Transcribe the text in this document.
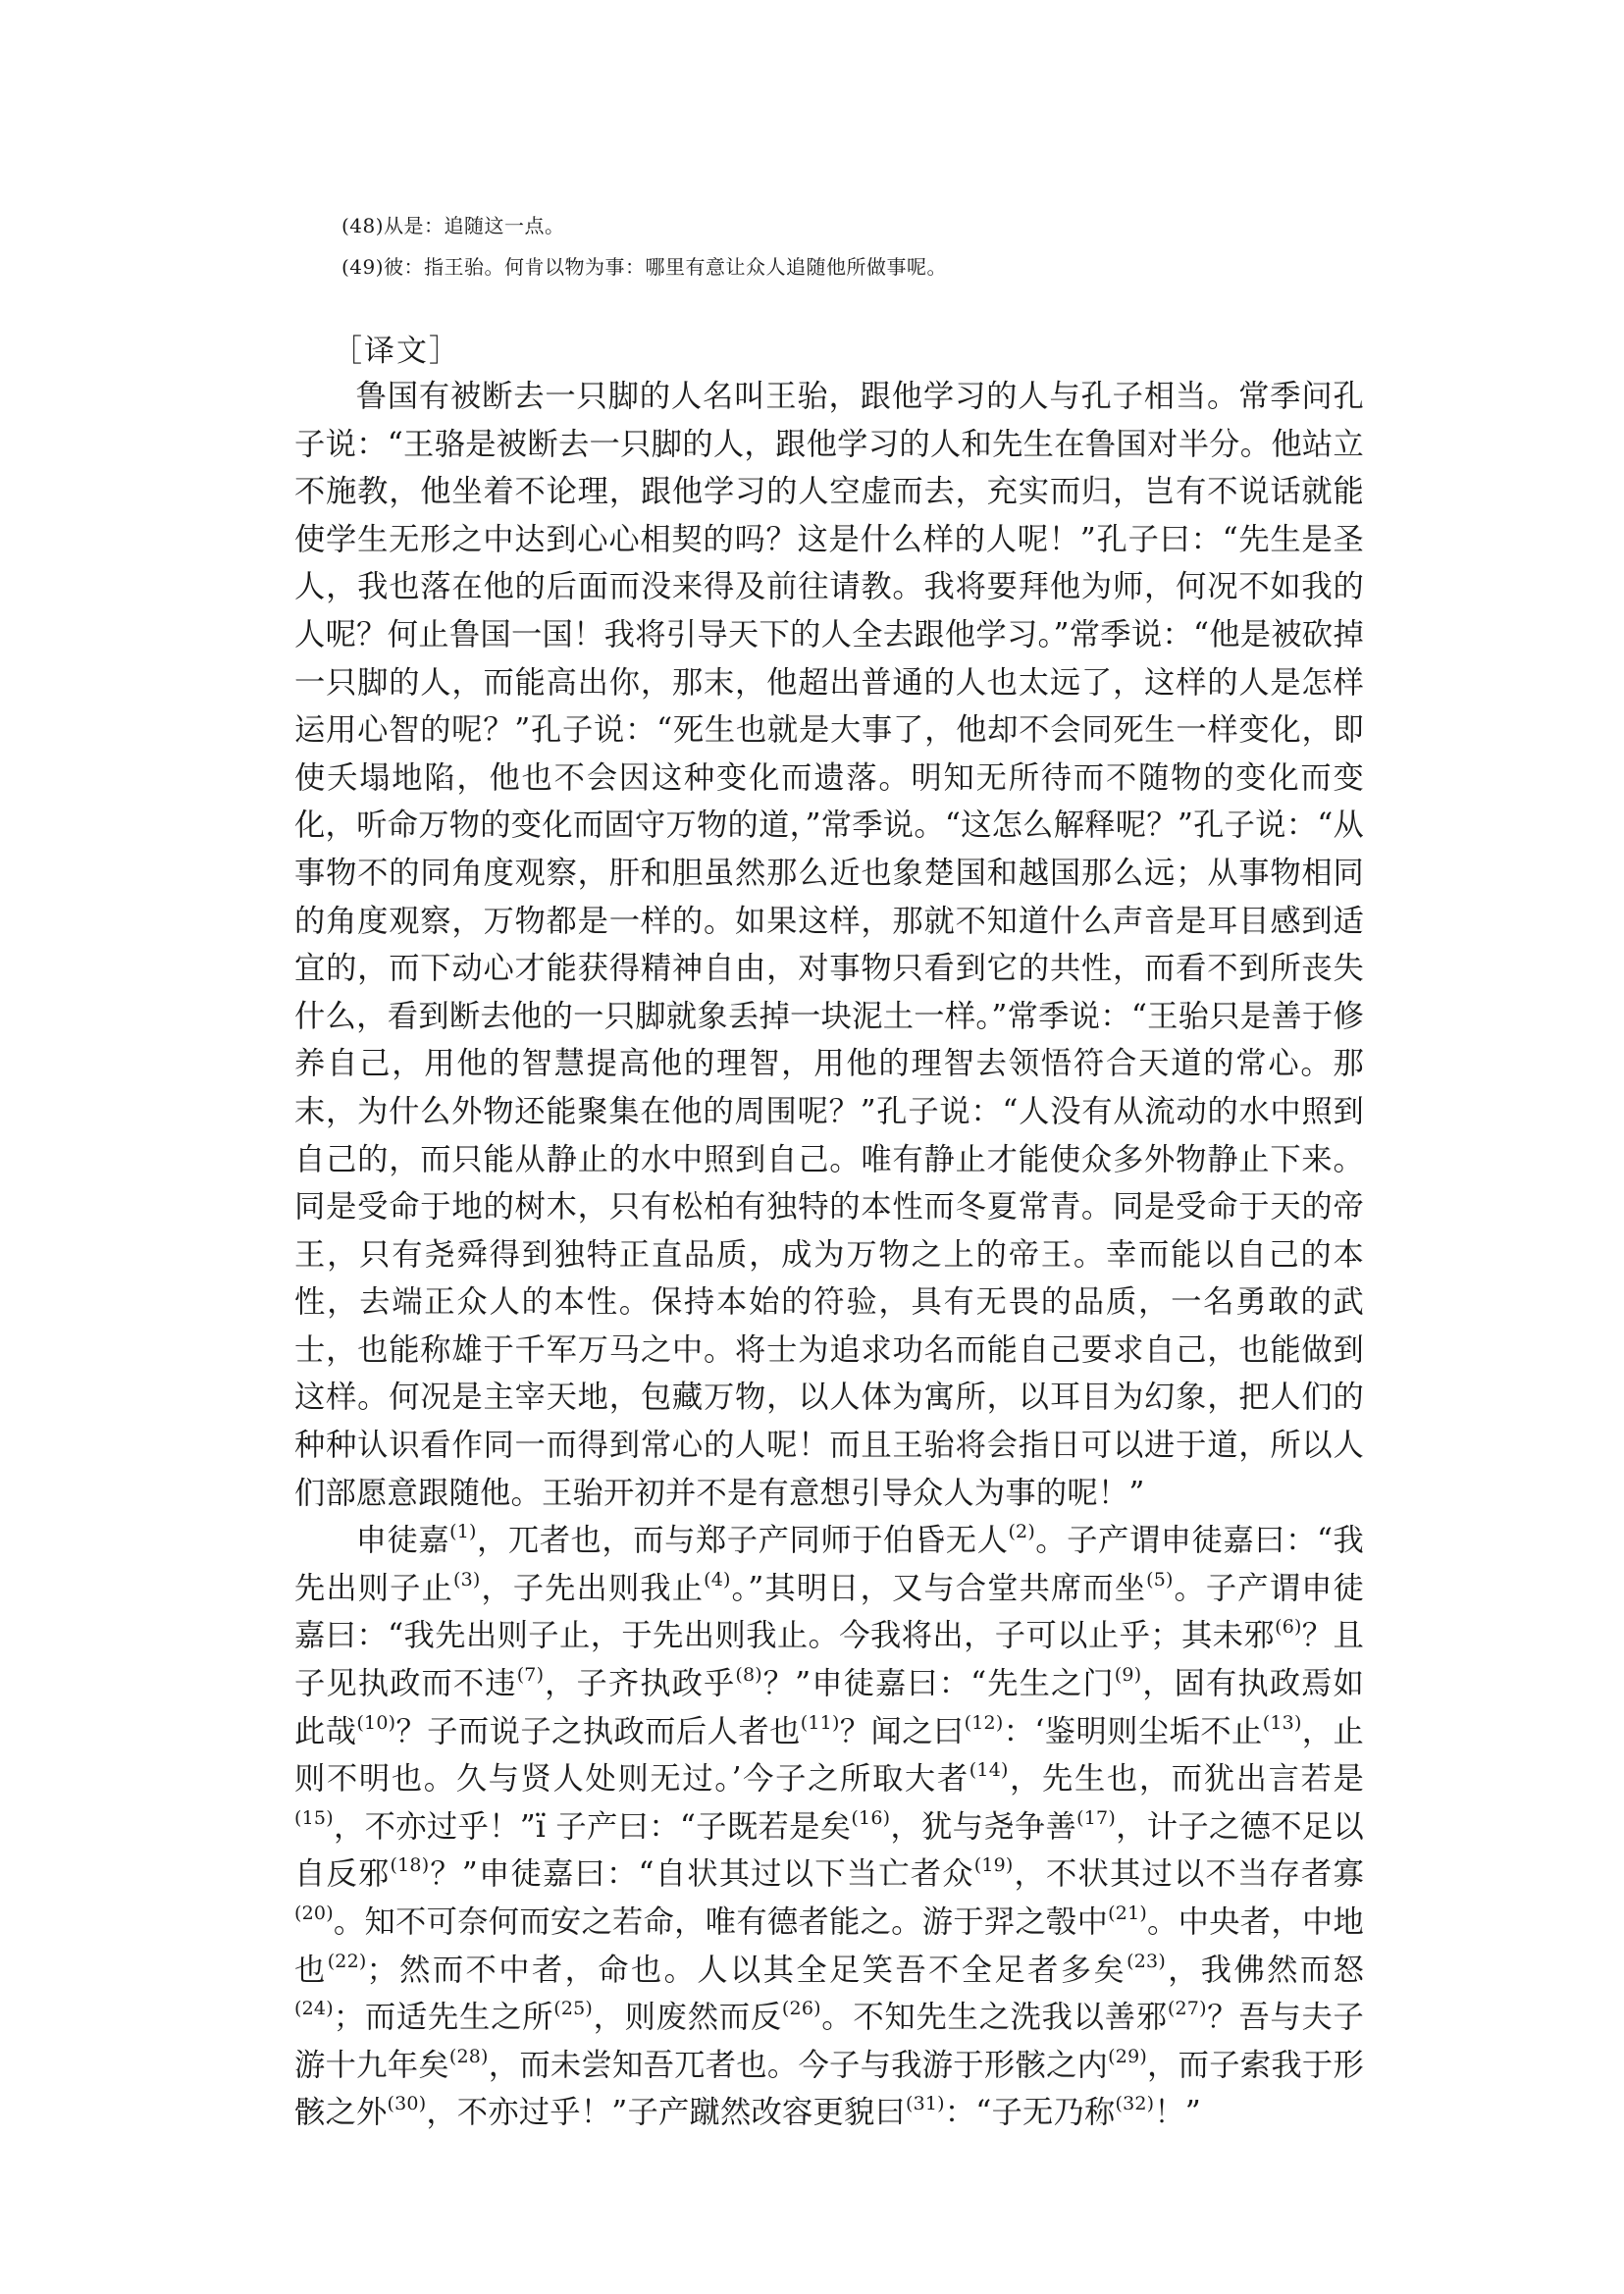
(48)从是：追随这一点。
(49)彼：指王骀。何肯以物为事：哪里有意让众人追随他所做事呢。
［译文］

鲁国有被断去一只脚的人名叫王骀，跟他学习的人与孔子相当。常季问孔子说：“王骆是被断去一只脚的人，跟他学习的人和先生在鲁国对半分。他站立不施教，他坐着不论理，跟他学习的人空虚而去，充实而归，岂有不说话就能使学生无形之中达到心心相契的吗？这是什么样的人呢！”孔子曰：“先生是圣人，我也落在他的后面而没来得及前往请教。我将要拜他为师，何况不如我的人呢？何止鲁国一国！我将引导天下的人全去跟他学习。”常季说：“他是被砍掉一只脚的人，而能高出你，那末，他超出普通的人也太远了，这样的人是怎样运用心智的呢？”孔子说：“死生也就是大事了，他却不会同死生一样变化，即使夭塌地陷，他也不会因这种变化而遗落。明知无所待而不随物的变化而变化，听命万物的变化而固守万物的道，”常季说。“这怎么解释呢？”孔子说：“从事物不的同角度观察，肝和胆虽然那么近也象楚国和越国那么远；从事物相同的角度观察，万物都是一样的。如果这样，那就不知道什么声音是耳目感到适宜的，而下动心才能获得精神自由，对事物只看到它的共性，而看不到所丧失什么，看到断去他的一只脚就象丢掉一块泥土一样。”常季说：“王骀只是善于修养自己，用他的智慧提高他的理智，用他的理智去领悟符合天道的常心。那末，为什么外物还能聚集在他的周围呢？”孔子说：“人没有从流动的水中照到自己的，而只能从静止的水中照到自己。唯有静止才能使众多外物静止下来。同是受命于地的树木，只有松柏有独特的本性而冬夏常青。同是受命于天的帝王，只有尧舜得到独特正直品质，成为万物之上的帝王。幸而能以自己的本性，去端正众人的本性。保持本始的符验，具有无畏的品质，一名勇敢的武士，也能称雄于千军万马之中。将士为追求功名而能自己要求自己，也能做到这样。何况是主宰天地，包藏万物，以人体为寓所，以耳目为幻象，把人们的种种认识看作同一而得到常心的人呢！而且王骀将会指日可以进于道，所以人们部愿意跟随他。王骀开初并不是有意想引导众人为事的呢！”

申徒嘉$^{(1)}$，兀者也，而与郑子产同师于伯昏无人$^{(2)}$。子产谓申徒嘉曰：“我先出则子止$^{(3)}$，子先出则我止$^{(4)}$。”其明日，又与合堂共席而坐$^{(5)}$。子产谓申徒嘉曰：“我先出则子止，于先出则我止。今我将出，子可以止乎；其未邪$^{(6)}$？且子见执政而不违$^{(7)}$，子齐执政乎$^{(8)}$？”申徒嘉曰：“先生之门$^{(9)}$，固有执政焉如此哉$^{(10)}$？子而说子之执政而后人者也$^{(11)}$？闻之曰$^{(12)}$：‘鉴明则尘垢不止$^{(13)}$，止则不明也。久与贤人处则无过。’今子之所取大者$^{(14)}$，先生也，而犹出言若是$^{(15)}$，不亦过乎！”ï 子产曰：“子既若是矣$^{(16)}$，犹与尧争善$^{(17)}$，计子之德不足以自反邪$^{(18)}$？”申徒嘉曰：“自状其过以下当亡者众$^{(19)}$，不状其过以不当存者寡$^{(20)}$。知不可奈何而安之若命，唯有德者能之。游于羿之彀中$^{(21)}$。中央者，中地也$^{(22)}$；然而不中者，命也。人以其全足笑吾不全足者多矣$^{(23)}$，我佛然而怒$^{(24)}$；而适先生之所$^{(25)}$，则废然而反$^{(26)}$。不知先生之洗我以善邪$^{(27)}$？吾与夫子游十九年矣$^{(28)}$，而未尝知吾兀者也。今子与我游于形骸之内$^{(29)}$，而子索我于形骸之外$^{(30)}$，不亦过乎！”子产蹴然改容更貌曰$^{(31)}$：“子无乃称$^{(32)}$！”
